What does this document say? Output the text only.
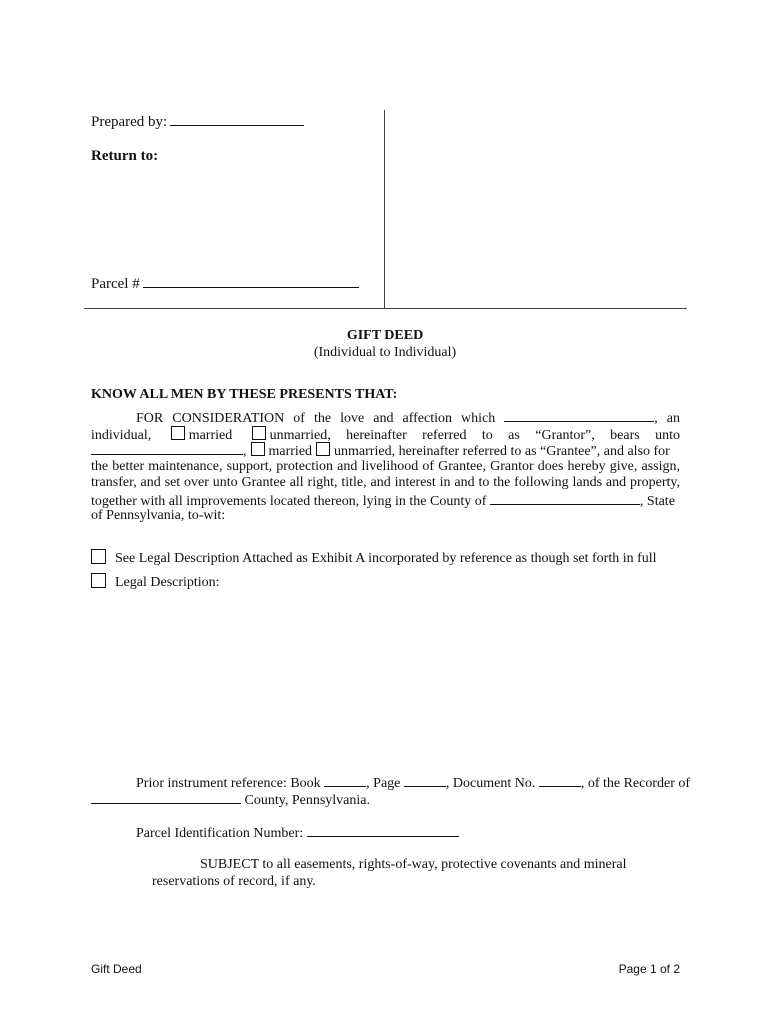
Prepared by:
Return to:
Parcel #
GIFT DEED
(Individual to Individual)
KNOW ALL MEN BY THESE PRESENTS THAT:
FOR CONSIDERATION of the love and affection which	, an
individual,	married	unmarried, hereinafter referred to as “Grantor”, bears unto
, married unmarried, hereinafter referred to as “Grantee”, and also for
the better maintenance, support, protection and livelihood of Grantee, Grantor does hereby give, assign,
transfer, and set over unto Grantee all right, title, and interest in and to the following lands and property,
together with all improvements located thereon, lying in the County of	, State
of Pennsylvania, to-wit:
See Legal Description Attached as Exhibit A incorporated by reference as though set forth in full
Legal Description:
Prior instrument reference: Book	, Page	, Document No.	, of the Recorder of
County, Pennsylvania.
Parcel Identification Number:
SUBJECT to all easements, rights-of-way, protective covenants and mineral
reservations of record, if any.
Gift Deed	Page 1 of 2
